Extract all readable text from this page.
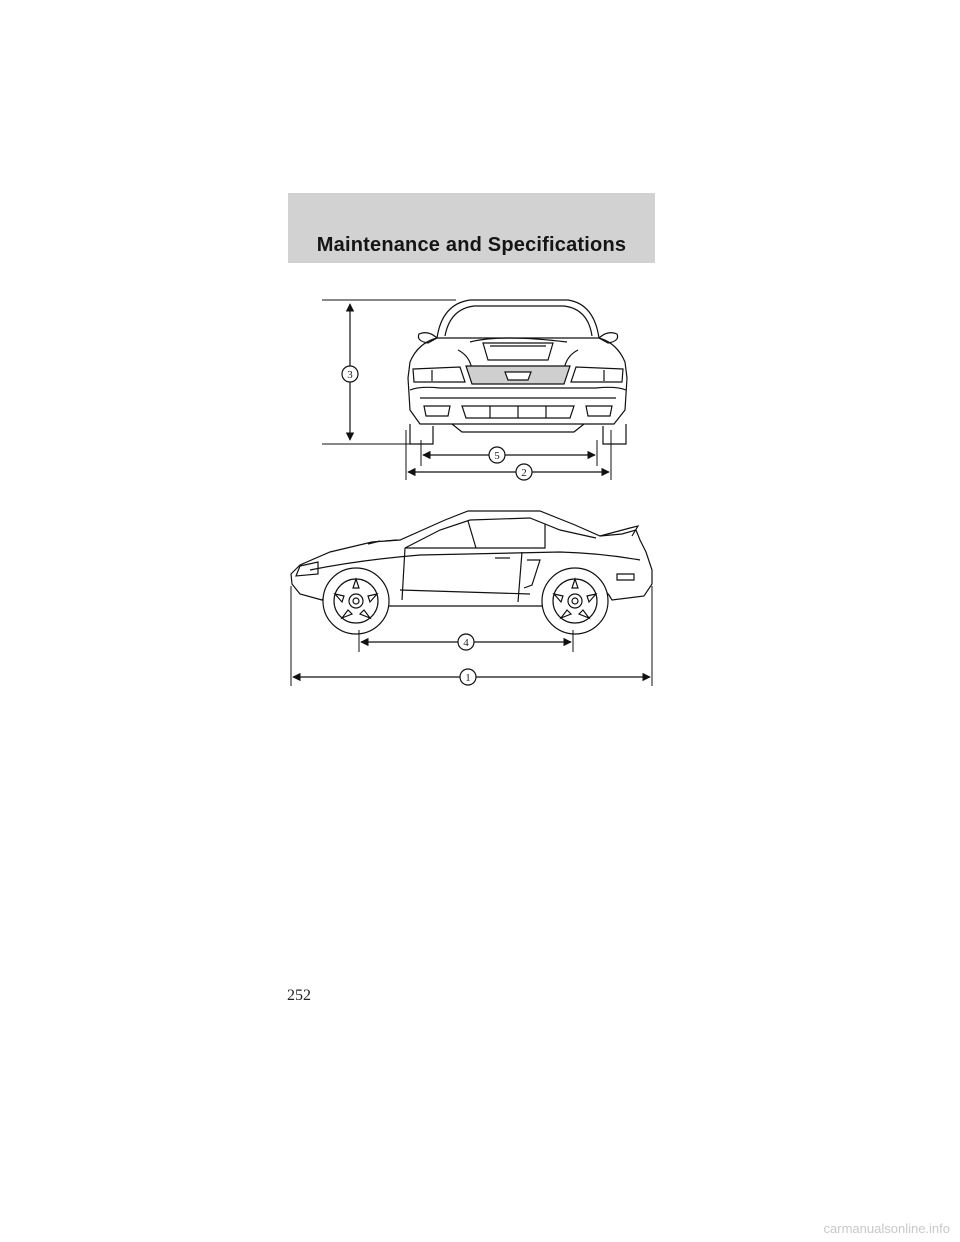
Maintenance and Specifications
3
5
2
4
1
252
carmanualsonline.info
